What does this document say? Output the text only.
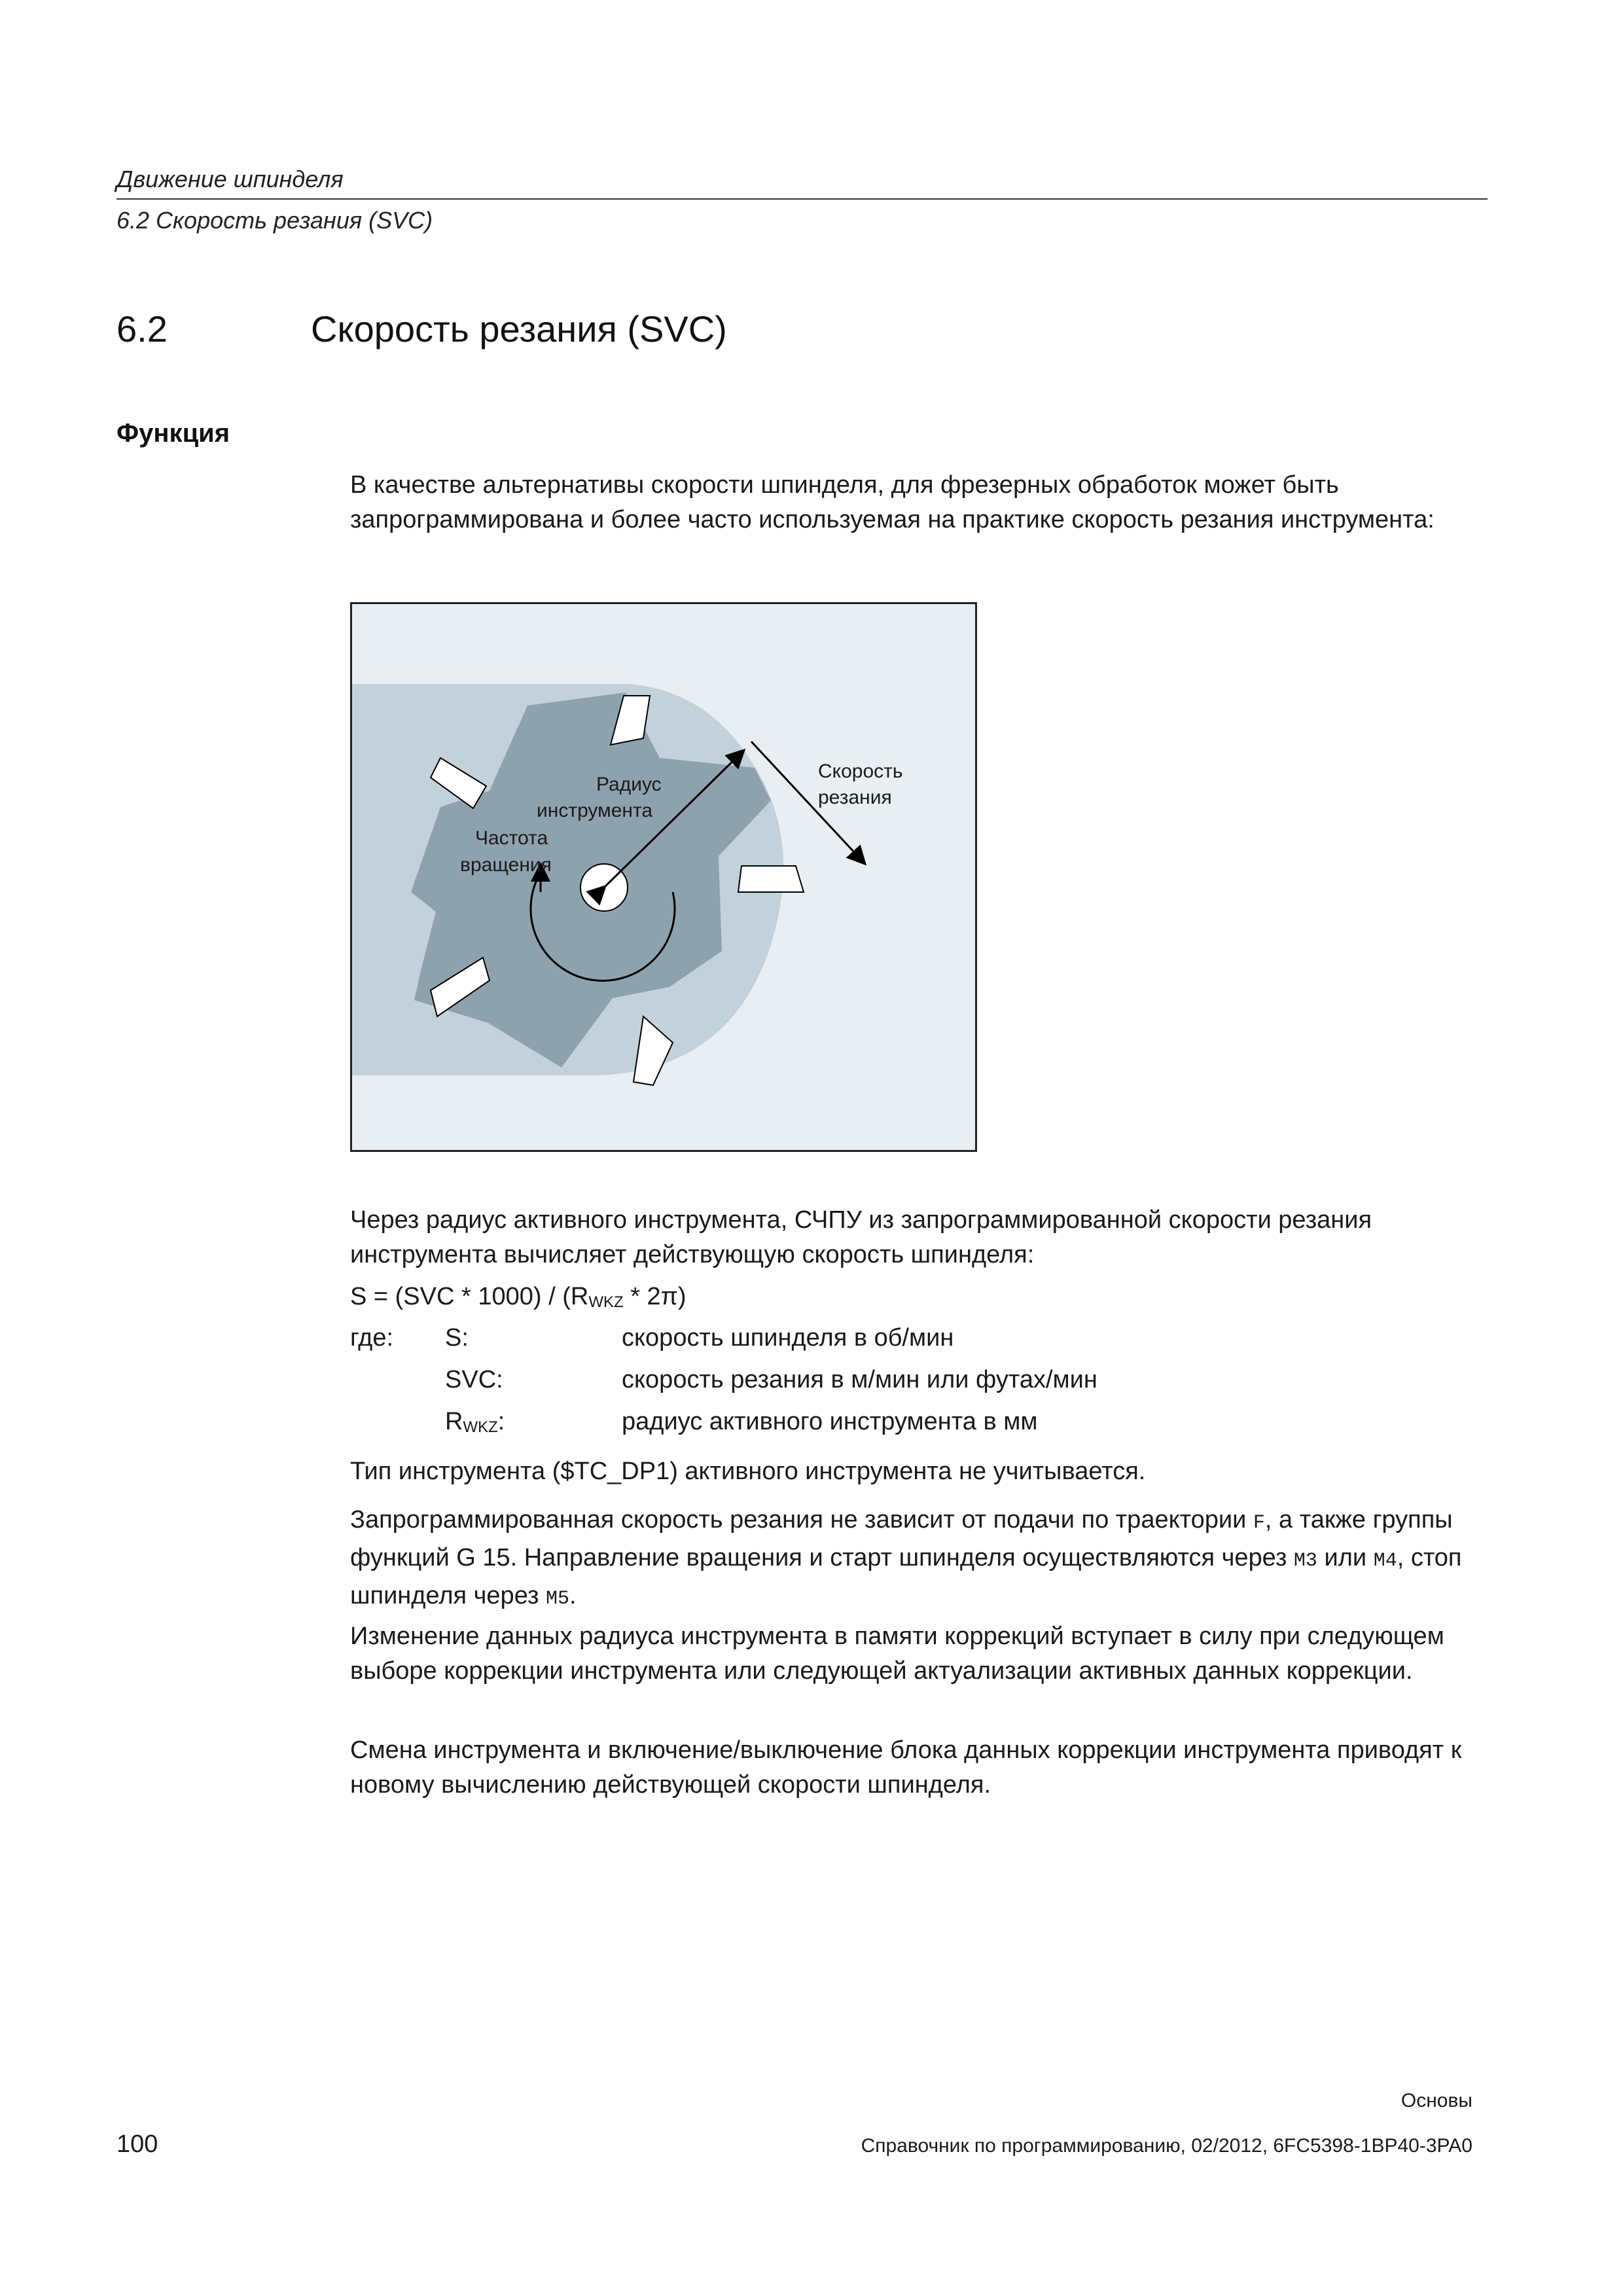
Движение шпинделя
6.2 Скорость резания (SVC)
6.2	Скорость резания (SVC)
Функция

В качестве альтернативы скорости шпинделя, для фрезерных обработок может быть запрограммирована и более часто используемая на практике скорость резания инструмента:

Радиус
инструмента
Частота
вращения
Скорость
резания

Через радиус активного инструмента, СЧПУ из запрограммированной скорости резания инструмента вычисляет действующую скорость шпинделя:

S = (SVC * 1000) / (RWKZ * 2π)
где: S:	скорость шпинделя в об/мин
SVC:	скорость резания в м/мин или футах/мин
RWKZ:	радиус активного инструмента в мм

Тип инструмента ($TC_DP1) активного инструмента не учитывается.

Запрограммированная скорость резания не зависит от подачи по траектории F, а также группы функций G 15. Направление вращения и старт шпинделя осуществляются через M3 или M4, стоп шпинделя через M5.

Изменение данных радиуса инструмента в памяти коррекций вступает в силу при следующем выборе коррекции инструмента или следующей актуализации активных данных коррекции.

Смена инструмента и включение/выключение блока данных коррекции инструмента приводят к новому вычислению действующей скорости шпинделя.

Основы
100	Справочник по программированию, 02/2012, 6FC5398-1BP40-3PA0
